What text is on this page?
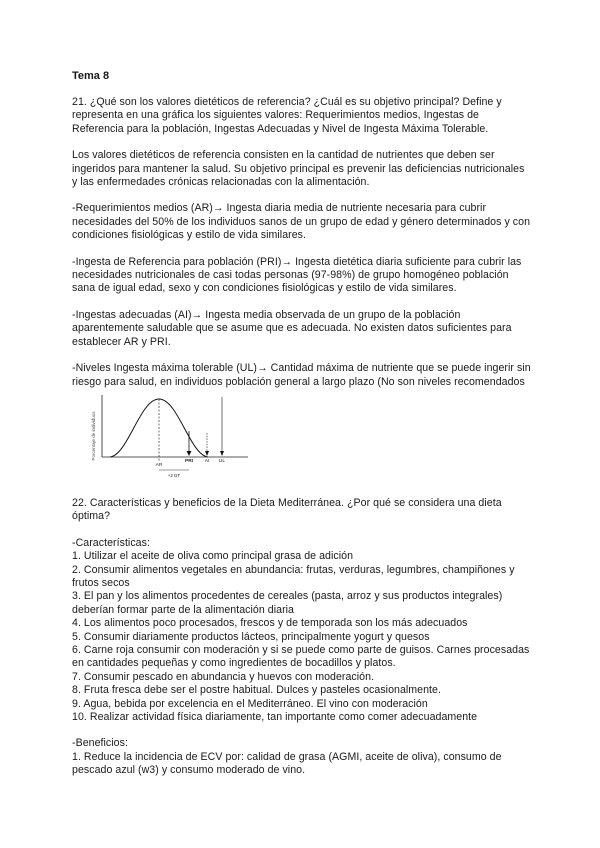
Tema 8

21. ¿Qué son los valores dietéticos de referencia? ¿Cuál es su objetivo principal? Define y representa en una gráfica los siguientes valores: Requerimientos medios, Ingestas de Referencia para la población, Ingestas Adecuadas y Nivel de Ingesta Máxima Tolerable.

Los valores dietéticos de referencia consisten en la cantidad de nutrientes que deben ser ingeridos para mantener la salud. Su objetivo principal es prevenir las deficiencias nutricionales y las enfermedades crónicas relacionadas con la alimentación.

-Requerimientos medios (AR)→ Ingesta diaria media de nutriente necesaria para cubrir necesidades del 50% de los individuos sanos de un grupo de edad y género determinados y con condiciones fisiológicas y estilo de vida similares.

-Ingesta de Referencia para población (PRI)→ Ingesta dietética diaria suficiente para cubrir las necesidades nutricionales de casi todas personas (97-98%) de grupo homogéneo población sana de igual edad, sexo y con condiciones fisiológicas y estilo de vida similares.

-Ingestas adecuadas (AI)→ Ingesta media observada de un grupo de la población aparentemente saludable que se asume que es adecuada. No existen datos suficientes para establecer AR y PRI.

-Niveles Ingesta máxima tolerable (UL)→ Cantidad máxima de nutriente que se puede ingerir sin riesgo para salud, en individuos población general a largo plazo (No son niveles recomendados

Porcentaje de individuos
AR
PRI AI UL
+2 DT

22. Características y beneficios de la Dieta Mediterránea. ¿Por qué se considera una dieta óptima?

-Características:

1. Utilizar el aceite de oliva como principal grasa de adición

2. Consumir alimentos vegetales en abundancia: frutas, verduras, legumbres, champiñones y frutos secos

3. El pan y los alimentos procedentes de cereales (pasta, arroz y sus productos integrales) deberían formar parte de la alimentación diaria

4. Los alimentos poco procesados, frescos y de temporada son los más adecuados

5. Consumir diariamente productos lácteos, principalmente yogurt y quesos

6. Carne roja consumir con moderación y si se puede como parte de guisos. Carnes procesadas en cantidades pequeñas y como ingredientes de bocadillos y platos.

7. Consumir pescado en abundancia y huevos con moderación.

8. Fruta fresca debe ser el postre habitual. Dulces y pasteles ocasionalmente.

9. Agua, bebida por excelencia en el Mediterráneo. El vino con moderación

10. Realizar actividad física diariamente, tan importante como comer adecuadamente

-Beneficios:

1. Reduce la incidencia de ECV por: calidad de grasa (AGMI, aceite de oliva), consumo de pescado azul (w3) y consumo moderado de vino.
